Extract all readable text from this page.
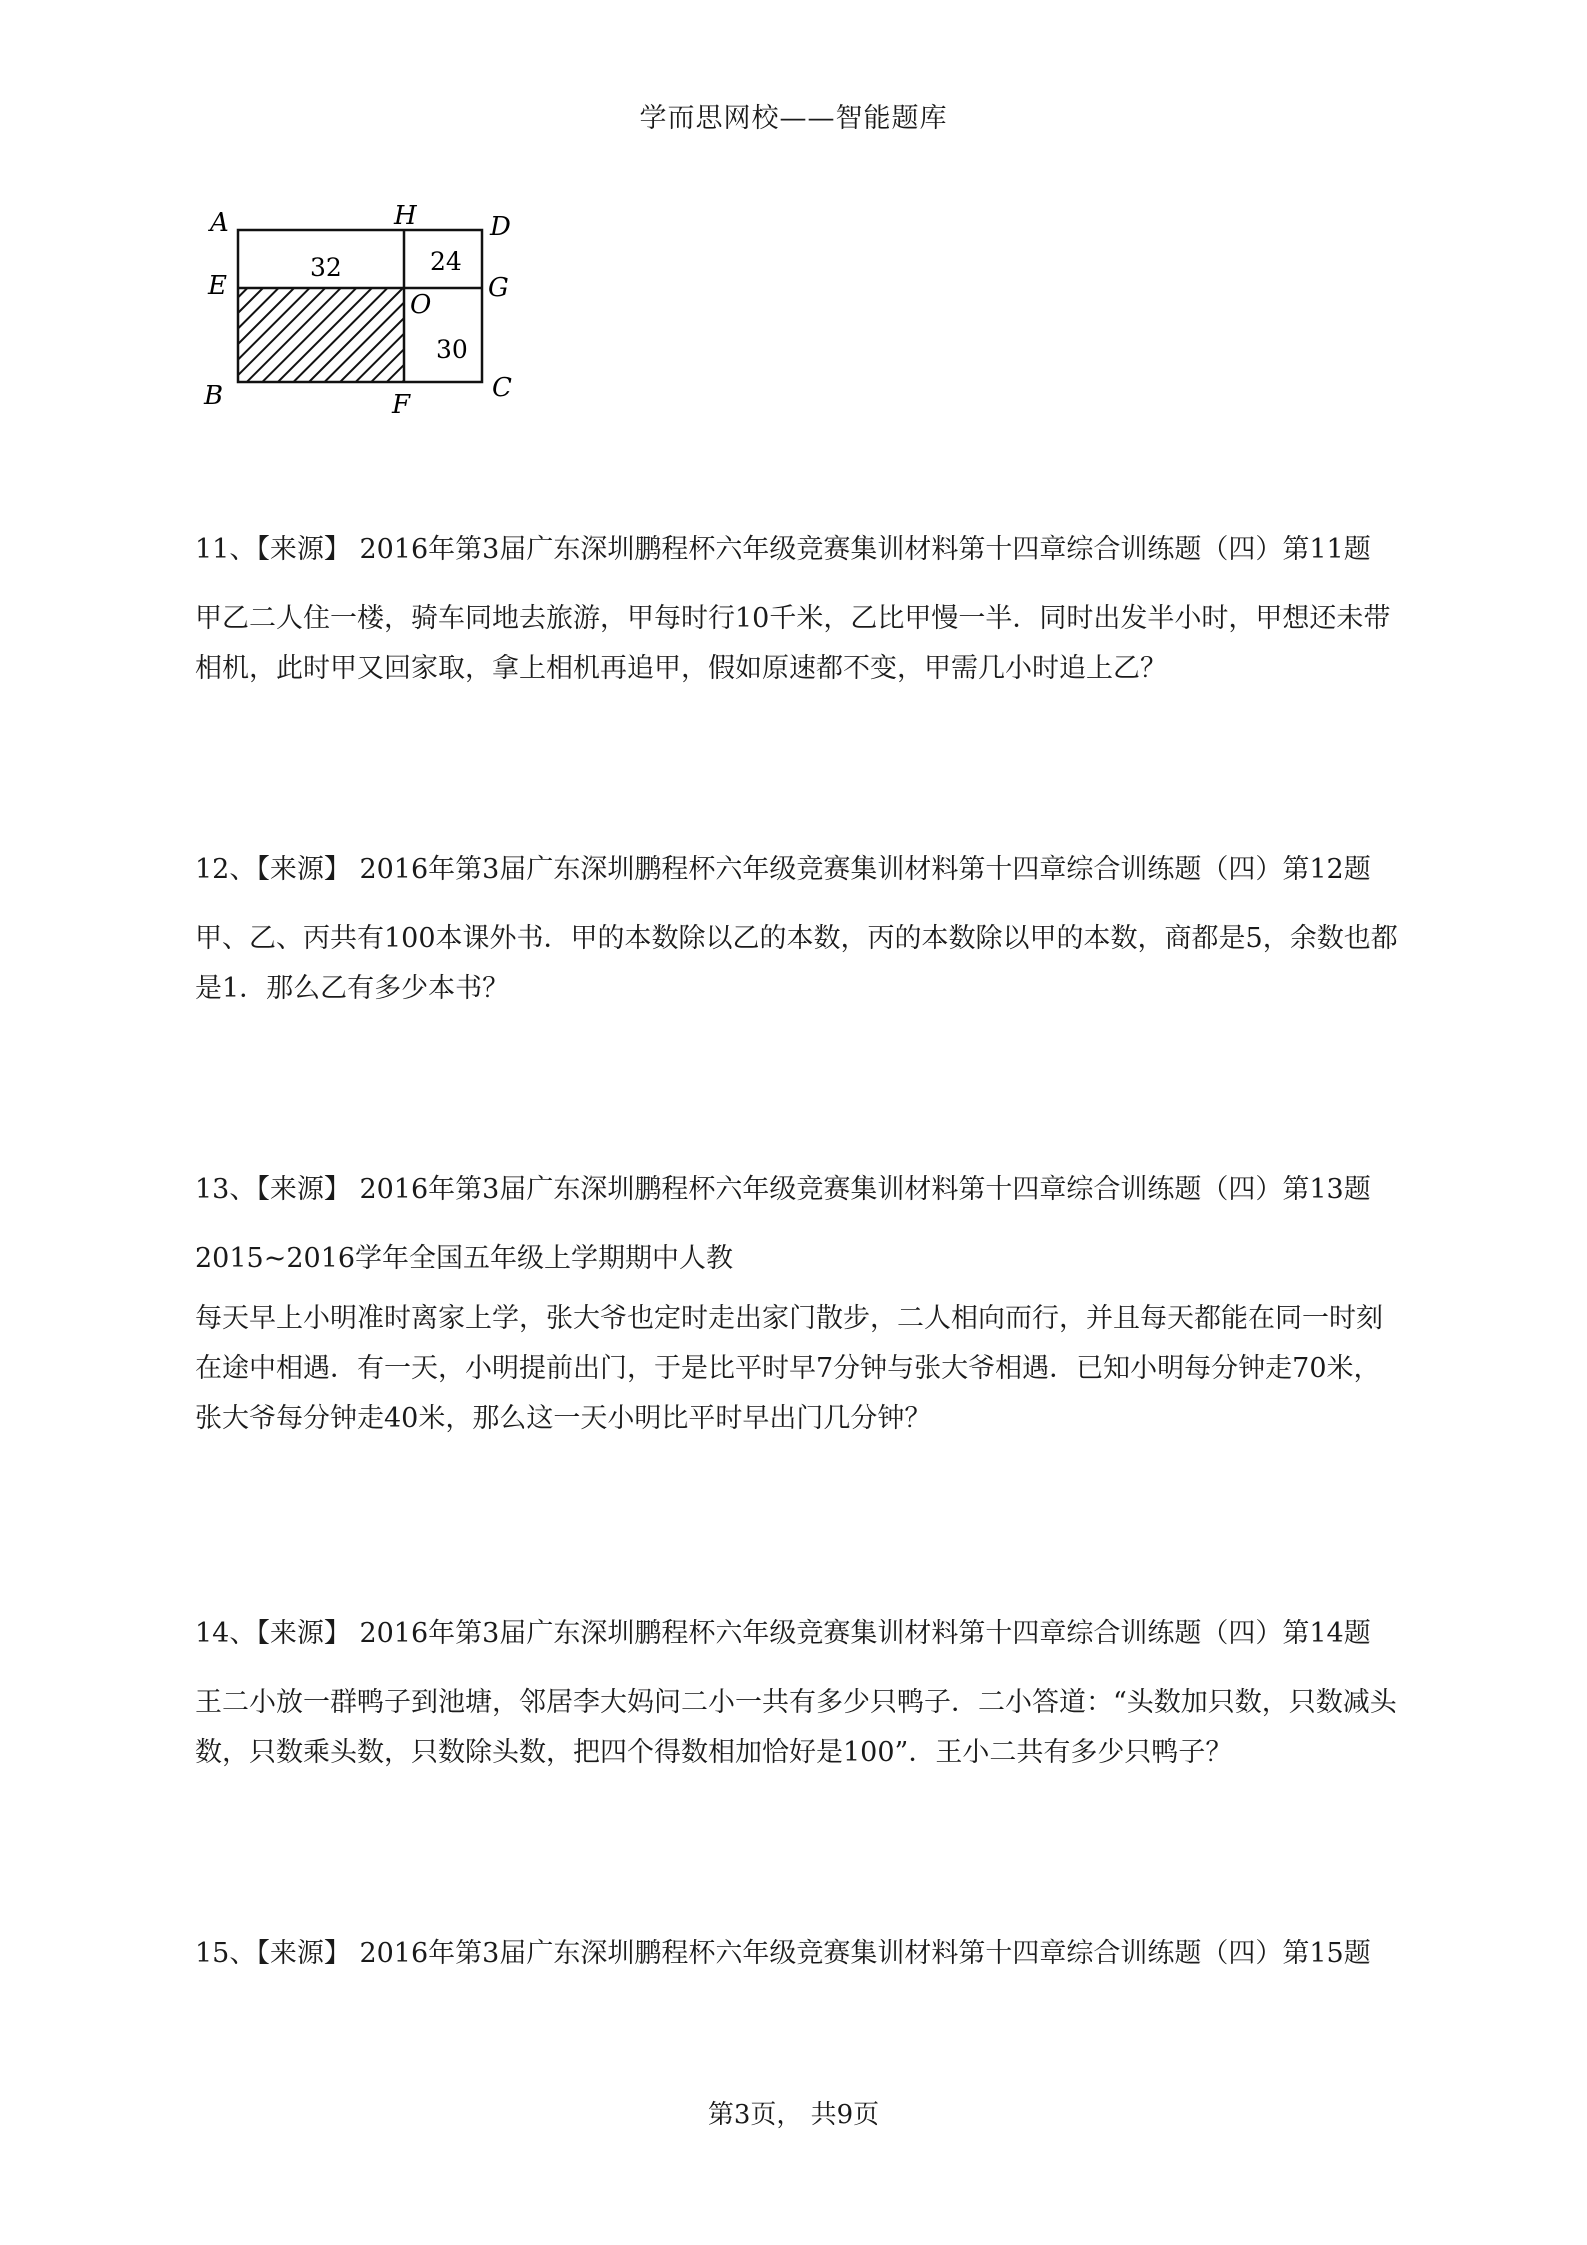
学而思网校——智能题库
A	H	D
E
O
G
B	F
C
32	24
30

11、【来源】 2016年第3届广东深圳鹏程杯六年级竞赛集训材料第十四章综合训练题（四）第11题

甲乙二人住一楼，骑车同地去旅游，甲每时行10千米，乙比甲慢一半．同时出发半小时，甲想还未带相机，此时甲又回家取，拿上相机再追甲，假如原速都不变，甲需几小时追上乙？

12、【来源】 2016年第3届广东深圳鹏程杯六年级竞赛集训材料第十四章综合训练题（四）第12题

甲、乙、丙共有100本课外书．甲的本数除以乙的本数，丙的本数除以甲的本数，商都是5，余数也都是1．那么乙有多少本书？

13、【来源】 2016年第3届广东深圳鹏程杯六年级竞赛集训材料第十四章综合训练题（四）第13题

2015~2016学年全国五年级上学期期中人教

每天早上小明准时离家上学，张大爷也定时走出家门散步，二人相向而行，并且每天都能在同一时刻在途中相遇．有一天，小明提前出门，于是比平时早7分钟与张大爷相遇．已知小明每分钟走70米，张大爷每分钟走40米，那么这一天小明比平时早出门几分钟？

14、【来源】 2016年第3届广东深圳鹏程杯六年级竞赛集训材料第十四章综合训练题（四）第14题

王二小放一群鸭子到池塘，邻居李大妈问二小一共有多少只鸭子．二小答道：“头数加只数，只数减头数，只数乘头数，只数除头数，把四个得数相加恰好是100”．王小二共有多少只鸭子？

15、【来源】 2016年第3届广东深圳鹏程杯六年级竞赛集训材料第十四章综合训练题（四）第15题

第3页， 共9页
